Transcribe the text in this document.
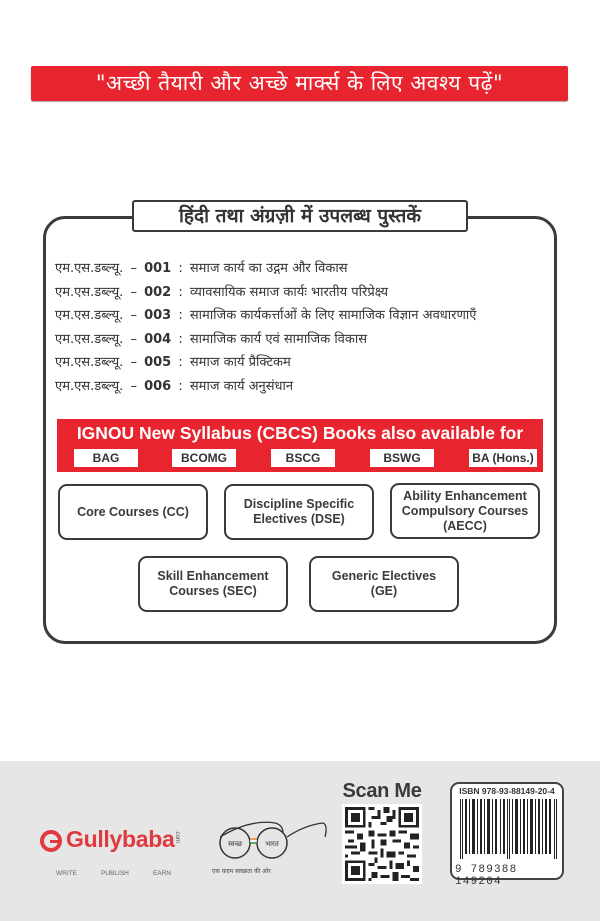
"अच्छी तैयारी और अच्छे मार्क्स के लिए अवश्य पढ़ें"
हिंदी तथा अंग्रज़ी में उपलब्ध पुस्तकें
एम.एस.डब्ल्यू. – 001 : समाज कार्य का उद्गम और विकास
एम.एस.डब्ल्यू. – 002 : व्यावसायिक समाज कार्यः भारतीय परिप्रेक्ष्य
एम.एस.डब्ल्यू. – 003 : सामाजिक कार्यकर्त्ताओं के लिए सामाजिक विज्ञान अवधारणाएँ
एम.एस.डब्ल्यू. – 004 : सामाजिक कार्य एवं सामाजिक विकास
एम.एस.डब्ल्यू. – 005 : समाज कार्य प्रैक्टिकम
एम.एस.डब्ल्यू. – 006 : समाज कार्य अनुसंधान
IGNOU New Syllabus (CBCS) Books also available for
BAG	BCOMG	BSCG	BSWG	BA (Hons.)
Core Courses (CC)
Discipline Specific
Electives (DSE)
Ability Enhancement
Compulsory Courses
(AECC)
Skill Enhancement
Courses (SEC)
Generic Electives
(GE)
Gullybaba .com
WRITE	PUBLISH	EARN
स्वच्छ	भारत
एक कदम स्वच्छता की ओर
Scan Me	ISBN 978-93-88149-20-4
9 789388 149204
